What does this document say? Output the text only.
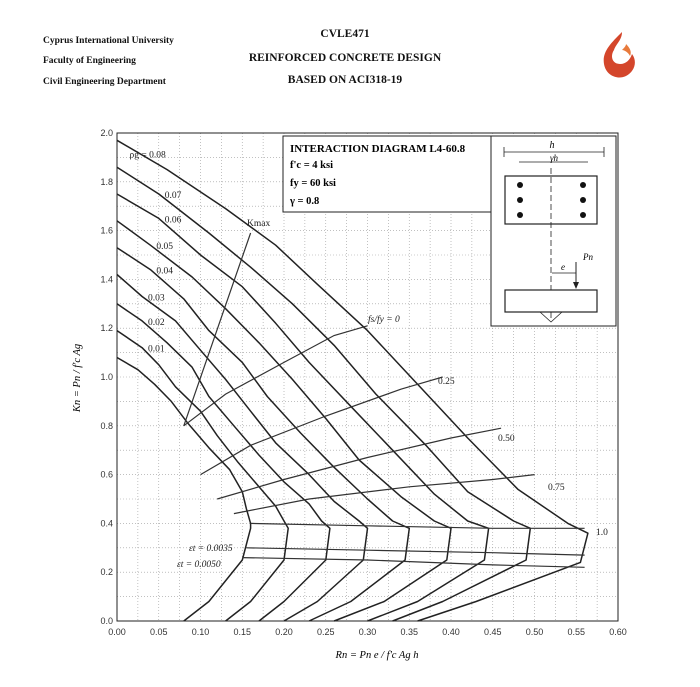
Cyprus International University
Faculty of Engineering
Civil Engineering Department
CVLE471
REINFORCED CONCRETE DESIGN
BASED ON ACI318-19
0.00	0.05	0.10	0.15	0.20	0.25	0.30	0.35	0.40	0.45	0.50	0.55	0.60
0.0
0.2
0.4
0.6
0.8
1.0
1.2
1.4
1.6
1.8
2.0
ρg = 0.08
0.07
0.06
0.05
0.04
0.03
0.02
0.01
INTERACTION DIAGRAM L4-60.8
f'c = 4 ksi
fy = 60 ksi
γ = 0.8
h
γh
Pn
e
Rn = Pn e / f'c Ag h
Kn = Pn / f'c Ag
Kmax
fs/fy = 0
0.25
0.50
0.75
1.0
εt = 0.0035
εt = 0.0050
